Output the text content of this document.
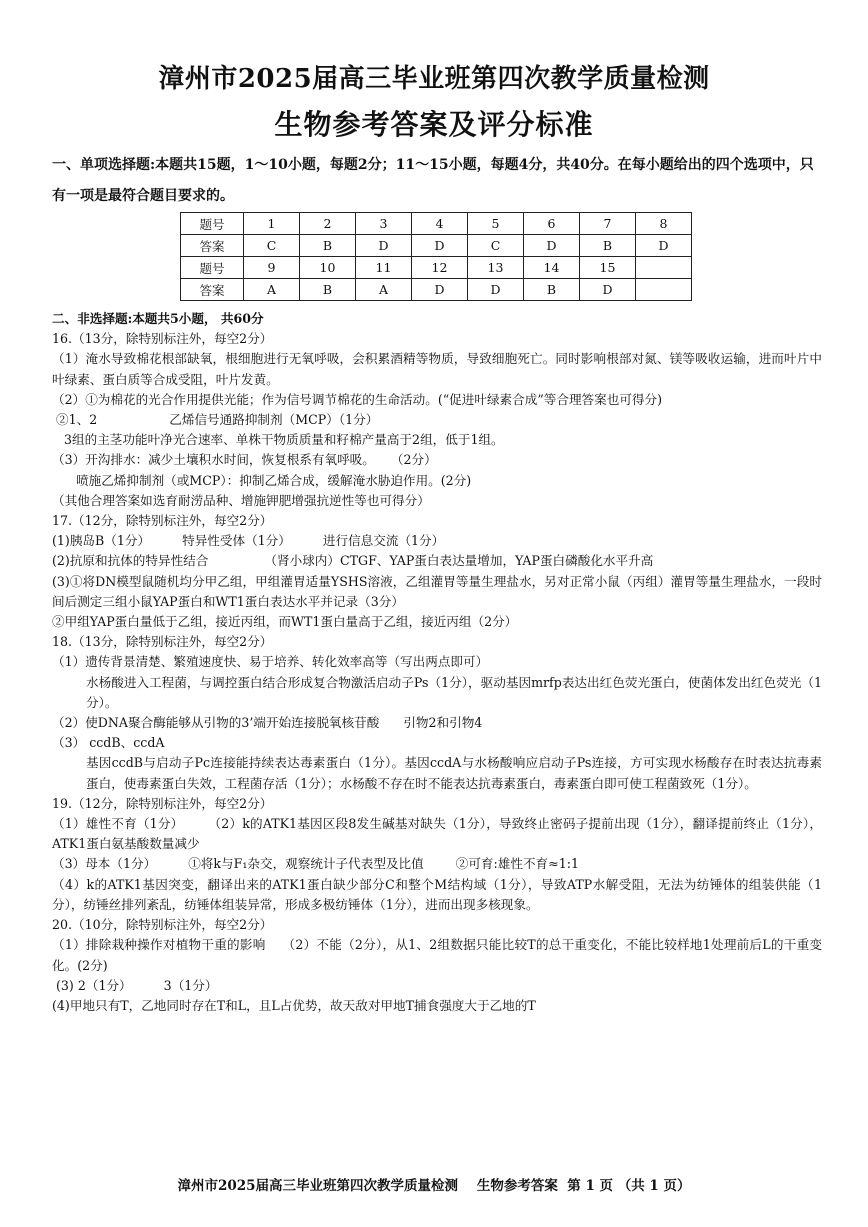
漳州市2025届高三毕业班第四次教学质量检测
生物参考答案及评分标准
一、单项选择题:本题共15题，1～10小题，每题2分；11～15小题，每题4分，共40分。在每小题给出的四个选项中，只有一项是最符合题目要求的。
题号	1	2	3	4	5	6	7	8
答案	C	B	D	D	C	D	B	D
题号	9	10	11	12	13	14	15	
答案	A	B	A	D	D	B	D	

二、非选择题:本题共5小题， 共60分

16.（13分，除特别标注外，每空2分）

（1）淹水导致棉花根部缺氧，根细胞进行无氧呼吸，会积累酒精等物质，导致细胞死亡。同时影响根部对氮、镁等吸收运输，进而叶片中叶绿素、蛋白质等合成受阻，叶片发黄。

（2）①为棉花的光合作用提供光能；作为信号调节棉花的生命活动。(“促进叶绿素合成”等合理答案也可得分)

②1、2                  乙烯信号通路抑制剂（MCP）（1分）

3组的主茎功能叶净光合速率、单株干物质质量和籽棉产量高于2组，低于1组。

（3）开沟排水：减少土壤积水时间，恢复根系有氧呼吸。    （2分）

喷施乙烯抑制剂（或MCP）：抑制乙烯合成，缓解淹水胁迫作用。(2分)

（其他合理答案如选育耐涝品种、增施钾肥增强抗逆性等也可得分）

17.（12分，除特别标注外，每空2分）

(1)胰岛B（1分）        特异性受体（1分）        进行信息交流（1分）

(2)抗原和抗体的特异性结合              （肾小球内）CTGF、YAP蛋白表达量增加，YAP蛋白磷酸化水平升高

(3)①将DN模型鼠随机均分甲乙组，甲组灌胃适量YSHS溶液，乙组灌胃等量生理盐水，另对正常小鼠（丙组）灌胃等量生理盐水，一段时间后测定三组小鼠YAP蛋白和WT1蛋白表达水平并记录（3分）

②甲组YAP蛋白量低于乙组，接近丙组，而WT1蛋白量高于乙组，接近丙组（2分）

18.（13分，除特别标注外，每空2分）

（1）遗传背景清楚、繁殖速度快、易于培养、转化效率高等（写出两点即可）

水杨酸进入工程菌，与调控蛋白结合形成复合物激活启动子Ps（1分），驱动基因mrfp表达出红色荧光蛋白，使菌体发出红色荧光（1分）。

（2）使DNA聚合酶能够从引物的3’端开始连接脱氧核苷酸      引物2和引物4

（3） ccdB、ccdA

基因ccdB与启动子Pc连接能持续表达毒素蛋白（1分）。基因ccdA与水杨酸响应启动子Ps连接，方可实现水杨酸存在时表达抗毒素蛋白，使毒素蛋白失效，工程菌存活（1分）；水杨酸不存在时不能表达抗毒素蛋白，毒素蛋白即可使工程菌致死（1分）。

19.（12分，除特别标注外，每空2分）

（1）雄性不育（1分）      （2）k的ATK1基因区段8发生碱基对缺失（1分），导致终止密码子提前出现（1分），翻译提前终止（1分），ATK1蛋白氨基酸数量减少

（3）母本（1分）        ①将k与F₁杂交，观察统计子代表型及比值        ②可育:雄性不育≈1:1

（4）k的ATK1基因突变，翻译出来的ATK1蛋白缺少部分C和整个M结构域（1分），导致ATP水解受阻，无法为纺锤体的组装供能（1分），纺锤丝排列紊乱，纺锤体组装异常，形成多极纺锤体（1分），进而出现多核现象。

20.（10分，除特别标注外，每空2分）

（1）排除栽种操作对植物干重的影响    （2）不能（2分），从1、2组数据只能比较T的总干重变化，不能比较样地1处理前后L的干重变化。(2分)

(3) 2（1分）        3（1分）

(4)甲地只有T，乙地同时存在T和L，且L占优势，故天敌对甲地T捕食强度大于乙地的T

漳州市2025届高三毕业班第四次教学质量检测    生物参考答案  第 1 页 （共 1 页）
